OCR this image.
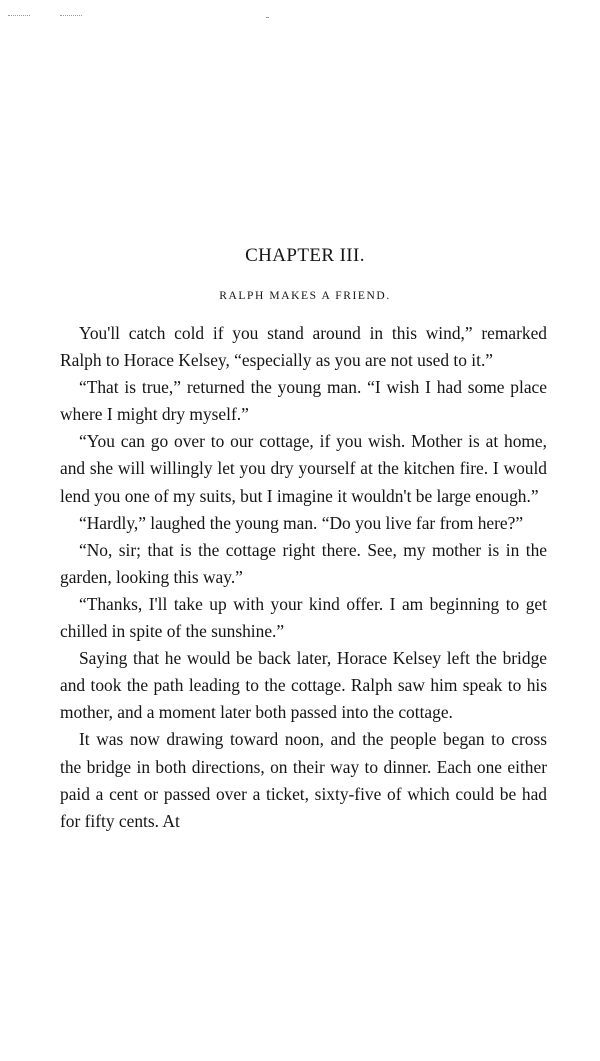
CHAPTER III.
RALPH MAKES A FRIEND.

You'll catch cold if you stand around in this wind,” remarked Ralph to Horace Kelsey, “especially as you are not used to it.”

“That is true,” returned the young man. “I wish I had some place where I might dry myself.”

“You can go over to our cottage, if you wish. Mother is at home, and she will willingly let you dry yourself at the kitchen fire. I would lend you one of my suits, but I imagine it wouldn't be large enough.”

“Hardly,” laughed the young man. “Do you live far from here?”

“No, sir; that is the cottage right there. See, my mother is in the garden, looking this way.”

“Thanks, I'll take up with your kind offer. I am beginning to get chilled in spite of the sunshine.”

Saying that he would be back later, Horace Kelsey left the bridge and took the path leading to the cottage. Ralph saw him speak to his mother, and a moment later both passed into the cottage.

It was now drawing toward noon, and the people began to cross the bridge in both directions, on their way to dinner. Each one either paid a cent or passed over a ticket, sixty-five of which could be had for fifty cents. At
